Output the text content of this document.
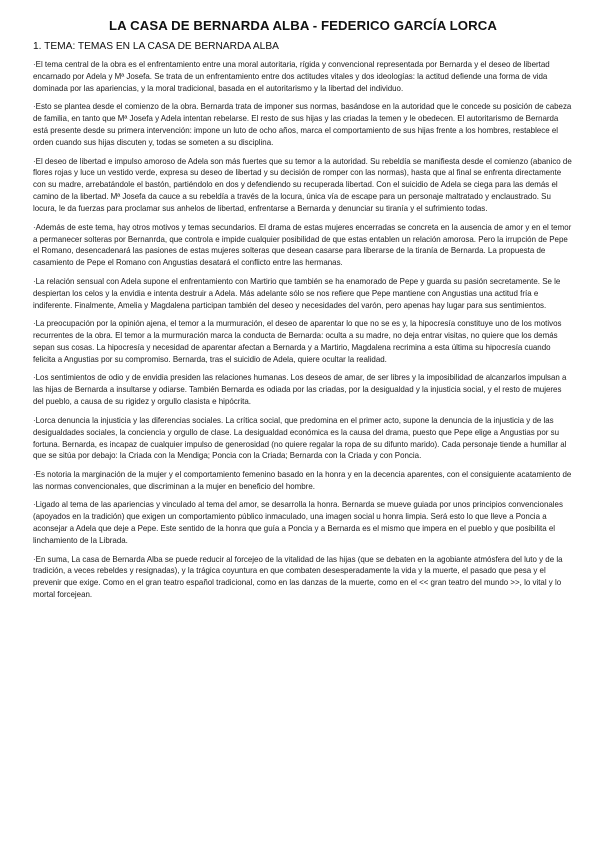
LA CASA DE BERNARDA ALBA - FEDERICO GARCÍA LORCA
1. TEMA: TEMAS EN LA CASA DE BERNARDA ALBA

·El tema central de la obra es el enfrentamiento entre una moral autoritaria, rígida y convencional representada por Bernarda y el deseo de libertad encarnado por Adela y Mª Josefa. Se trata de un enfrentamiento entre dos actitudes vitales y dos ideologías: la actitud defiende una forma de vida dominada por las apariencias, y la moral tradicional, basada en el autoritarismo y la libertad del individuo.

·Esto se plantea desde el comienzo de la obra. Bernarda trata de imponer sus normas, basándose en la autoridad que le concede su posición de cabeza de familia, en tanto que Mª Josefa y Adela intentan rebelarse. El resto de sus hijas y las criadas la temen y le obedecen. El autoritarismo de Bernarda está presente desde su primera intervención: impone un luto de ocho años, marca el comportamiento de sus hijas frente a los hombres, restablece el orden cuando sus hijas discuten y, todas se someten a su disciplina.

·El deseo de libertad e impulso amoroso de Adela son más fuertes que su temor a la autoridad. Su rebeldía se manifiesta desde el comienzo (abanico de flores rojas y luce un vestido verde, expresa su deseo de libertad y su decisión de romper con las normas), hasta que al final se enfrenta directamente con su madre, arrebatándole el bastón, partiéndolo en dos y defendiendo su recuperada libertad. Con el suicidio de Adela se ciega para las demás el camino de la libertad. Mª Josefa da cauce a su rebeldía a través de la locura, única vía de escape para un personaje maltratado y enclaustrado. Su locura, le da fuerzas para proclamar sus anhelos de libertad, enfrentarse a Bernarda y denunciar su tiranía y el sufrimiento todas.

·Además de este tema, hay otros motivos y temas secundarios. El drama de estas mujeres encerradas se concreta en la ausencia de amor y en el temor a permanecer solteras por Bernanrda, que controla e impide cualquier posibilidad de que estas entablen un relación amorosa. Pero la irrupción de Pepe el Romano, desencadenará las pasiones de estas mujeres solteras que desean casarse para liberarse de la tiranía de Bernarda. La propuesta de casamiento de Pepe el Romano con Angustias desatará el conflicto entre las hermanas.

·La relación sensual con Adela supone el enfrentamiento con Martirio que también se ha enamorado de Pepe y guarda su pasión secretamente. Se le despiertan los celos y la envidia e intenta destruir a Adela. Más adelante sólo se nos refiere que Pepe mantiene con Angustias una actitud fría e indiferente. Finalmente, Amelia y Magdalena participan también del deseo y necesidades del varón, pero apenas hay lugar para sus sentimientos.

·La preocupación por la opinión ajena, el temor a la murmuración, el deseo de aparentar lo que no se es y, la hipocresía constituye uno de los motivos recurrentes de la obra. El temor a la murmuración marca la conducta de Bernarda: oculta a su madre, no deja entrar visitas, no quiere que los demás sepan sus cosas. La hipocresía y necesidad de aparentar afectan a Bernarda y a Martirio, Magdalena recrimina a esta última su hipocresía cuando felicita a Angustias por su compromiso. Bernarda, tras el suicidio de Adela, quiere ocultar la realidad.

·Los sentimientos de odio y de envidia presiden las relaciones humanas. Los deseos de amar, de ser libres y la imposibilidad de alcanzarlos impulsan a las hijas de Bernarda a insultarse y odiarse. También Bernarda es odiada por las criadas, por la desigualdad y la injusticia social, y el resto de mujeres del pueblo, a causa de su rigidez y orgullo clasista e hipócrita.

·Lorca denuncia la injusticia y las diferencias sociales. La crítica social, que predomina en el primer acto, supone la denuncia de la injusticia y de las desigualdades sociales, la conciencia y orgullo de clase. La desigualdad económica es la causa del drama, puesto que Pepe elige a Angustias por su fortuna. Bernarda, es incapaz de cualquier impulso de generosidad (no quiere regalar la ropa de su difunto marido). Cada personaje tiende a humillar al que se sitúa por debajo: la Criada con la Mendiga; Poncia con la Criada; Bernarda con la Criada y con Poncia.

·Es notoria la marginación de la mujer y el comportamiento femenino basado en la honra y en la decencia aparentes, con el consiguiente acatamiento de las normas convencionales, que discriminan a la mujer en beneficio del hombre.

·Ligado al tema de las apariencias y vinculado al tema del amor, se desarrolla la honra. Bernarda se mueve guiada por unos principios convencionales (apoyados en la tradición) que exigen un comportamiento público inmaculado, una imagen social u honra limpia. Será esto lo que lleve a Poncia a aconsejar a Adela que deje a Pepe. Este sentido de la honra que guía a Poncia y a Bernarda es el mismo que impera en el pueblo y que posibilita el linchamiento de la Librada.

·En suma, La casa de Bernarda Alba se puede reducir al forcejeo de la vitalidad de las hijas (que se debaten en la agobiante atmósfera del luto y de la tradición, a veces rebeldes y resignadas), y la trágica coyuntura en que combaten desesperadamente la vida y la muerte, el pasado que pesa y el prevenir que exige. Como en el gran teatro español tradicional, como en las danzas de la muerte, como en el << gran teatro del mundo >>, lo vital y lo mortal forcejean.
